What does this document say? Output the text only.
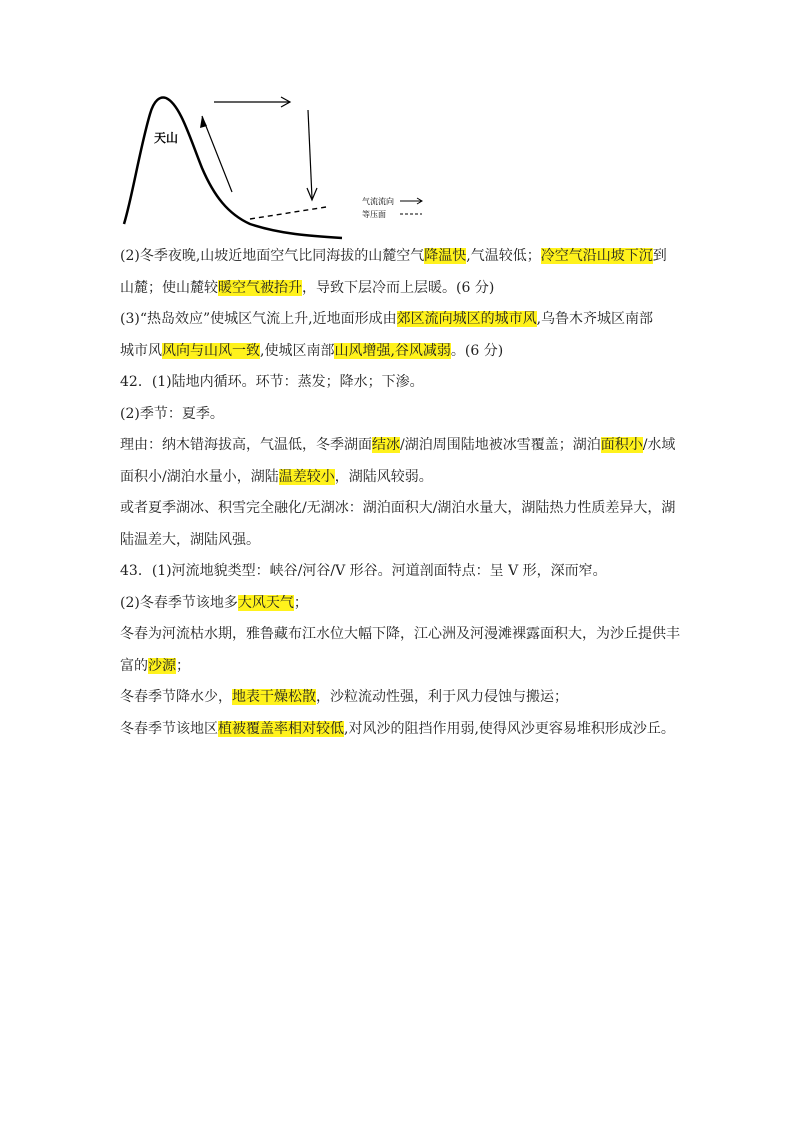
天山
气流流向
等压面
(2)冬季夜晚,山坡近地面空气比同海拔的山麓空气降温快,气温较低；冷空气沿山坡下沉到
山麓；使山麓较暖空气被抬升，导致下层冷而上层暖。(6 分)
(3)“热岛效应”使城区气流上升,近地面形成由郊区流向城区的城市风,乌鲁木齐城区南部
城市风风向与山风一致,使城区南部山风增强,谷风减弱。(6 分)
42．(1)陆地内循环。环节：蒸发；降水；下渗。
(2)季节：夏季。
理由：纳木错海拔高，气温低，冬季湖面结冰/湖泊周围陆地被冰雪覆盖；湖泊面积小/水域
面积小/湖泊水量小，湖陆温差较小，湖陆风较弱。
或者夏季湖冰、积雪完全融化/无湖冰：湖泊面积大/湖泊水量大，湖陆热力性质差异大，湖
陆温差大，湖陆风强。
43．(1)河流地貌类型：峡谷/河谷/V 形谷。河道剖面特点：呈 V 形，深而窄。
(2)冬春季节该地多大风天气；
冬春为河流枯水期，雅鲁藏布江水位大幅下降，江心洲及河漫滩裸露面积大，为沙丘提供丰
富的沙源；
冬春季节降水少，地表干燥松散，沙粒流动性强，利于风力侵蚀与搬运；
冬春季节该地区植被覆盖率相对较低,对风沙的阻挡作用弱,使得风沙更容易堆积形成沙丘。
